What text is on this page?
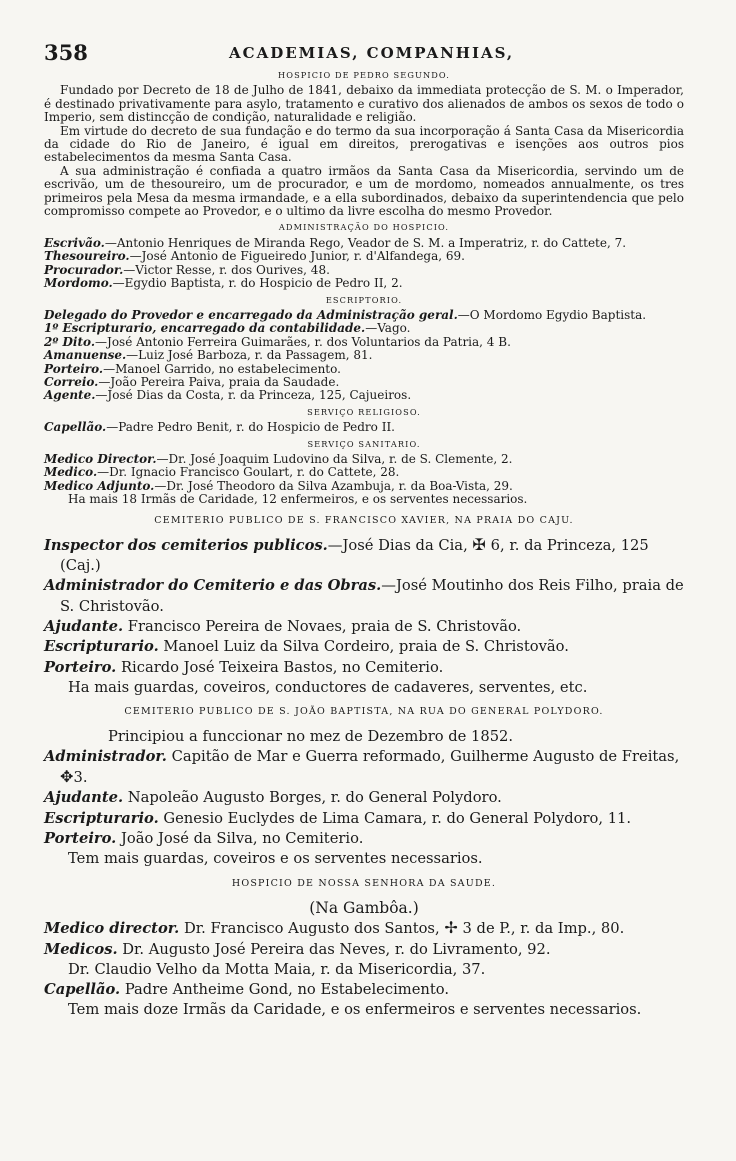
358	ACADEMIAS, COMPANHIAS,
HOSPICIO DE PEDRO SEGUNDO.

Fundado por Decreto de 18 de Julho de 1841, debaixo da immediata protecção de S. M. o Imperador, é destinado privativamente para asylo, tratamento e curativo dos alienados de ambos os sexos de todo o Imperio, sem distincção de condição, naturalidade e religião.

Em virtude do decreto de sua fundação e do termo da sua incorporação á Santa Casa da Misericordia da cidade do Rio de Janeiro, é igual em direitos, prerogativas e isenções aos outros pios estabelecimentos da mesma Santa Casa.

A sua administração é confiada a quatro irmãos da Santa Casa da Misericordia, servindo um de escrivão, um de thesoureiro, um de procurador, e um de mordomo, nomeados annualmente, os tres primeiros pela Mesa da mesma irmandade, e a ella subordinados, debaixo da superintendencia que pelo compromisso compete ao Provedor, e o ultimo da livre escolha do mesmo Provedor.

ADMINISTRAÇÃO DO HOSPICIO.

Escrivão.—Antonio Henriques de Miranda Rego, Veador de S. M. a Imperatriz, r. do Cattete, 7.

Thesoureiro.—José Antonio de Figueiredo Junior, r. d'Alfandega, 69.

Procurador.—Victor Resse, r. dos Ourives, 48.

Mordomo.—Egydio Baptista, r. do Hospicio de Pedro II, 2.

ESCRIPTORIO.

Delegado do Provedor e encarregado da Administração geral.—O Mordomo Egydio Baptista.

1º Escripturario, encarregado da contabilidade.—Vago.

2º Dito.—José Antonio Ferreira Guimarães, r. dos Voluntarios da Patria, 4 B.

Amanuense.—Luiz José Barboza, r. da Passagem, 81.

Porteiro.—Manoel Garrido, no estabelecimento.

Correio.—João Pereira Paiva, praia da Saudade.

Agente.—José Dias da Costa, r. da Princeza, 125, Cajueiros.

SERVIÇO RELIGIOSO.

Capellão.—Padre Pedro Benit, r. do Hospicio de Pedro II.

SERVIÇO SANITARIO.

Medico Director.—Dr. José Joaquim Ludovino da Silva, r. de S. Clemente, 2.

Medico.—Dr. Ignacio Francisco Goulart, r. do Cattete, 28.

Medico Adjunto.—Dr. José Theodoro da Silva Azambuja, r. da Boa-Vista, 29.

Ha mais 18 Irmãs de Caridade, 12 enfermeiros, e os serventes necessarios.

CEMITERIO PUBLICO DE S. FRANCISCO XAVIER, NA PRAIA DO CAJU.

Inspector dos cemiterios publicos.—José Dias da Cia, ✠ 6, r. da Princeza, 125 (Caj.)

Administrador do Cemiterio e das Obras.—José Moutinho dos Reis Filho, praia de S. Christovão.

Ajudante. Francisco Pereira de Novaes, praia de S. Christovão.

Escripturario. Manoel Luiz da Silva Cordeiro, praia de S. Christovão.

Porteiro. Ricardo José Teixeira Bastos, no Cemiterio.

Ha mais guardas, coveiros, conductores de cadaveres, serventes, etc.

CEMITERIO PUBLICO DE S. JOÃO BAPTISTA, NA RUA DO GENERAL POLYDORO.

Principiou a funccionar no mez de Dezembro de 1852.

Administrador. Capitão de Mar e Guerra reformado, Guilherme Augusto de Freitas, ✥3.

Ajudante. Napoleão Augusto Borges, r. do General Polydoro.

Escripturario. Genesio Euclydes de Lima Camara, r. do General Polydoro, 11.

Porteiro. João José da Silva, no Cemiterio.

Tem mais guardas, coveiros e os serventes necessarios.

HOSPICIO DE NOSSA SENHORA DA SAUDE.
(Na Gambôa.)

Medico director. Dr. Francisco Augusto dos Santos, ✢ 3 de P., r. da Imp., 80.

Medicos. Dr. Augusto José Pereira das Neves, r. do Livramento, 92.

Dr. Claudio Velho da Motta Maia, r. da Misericordia, 37.

Capellão. Padre Antheime Gond, no Estabelecimento.

Tem mais doze Irmãs da Caridade, e os enfermeiros e serventes necessarios.
